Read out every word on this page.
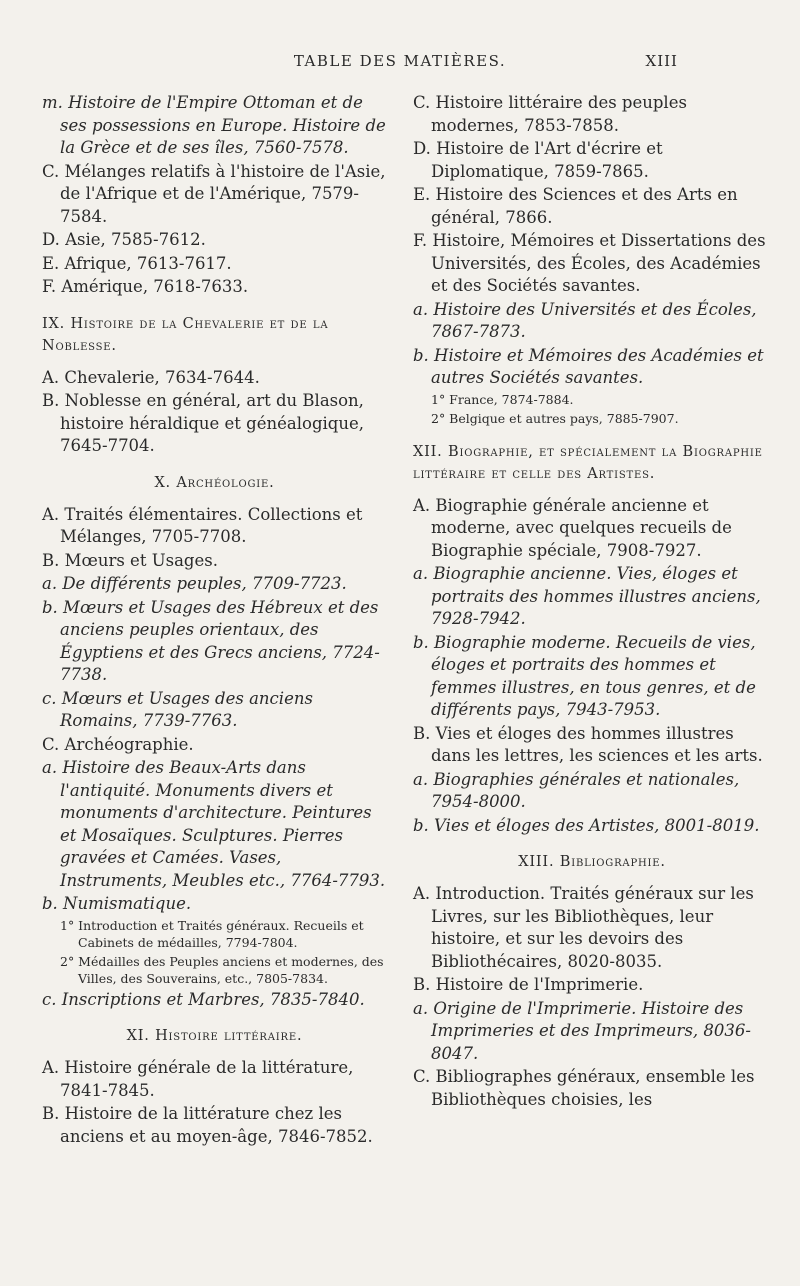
TABLE DES MATIÈRES.	XIII
m. Histoire de l'Empire Ottoman et de ses possessions en Europe. Histoire de la Grèce et de ses îles, 7560-7578.
C. Mélanges relatifs à l'histoire de l'Asie, de l'Afrique et de l'Amérique, 7579-7584.
D. Asie, 7585-7612.
E. Afrique, 7613-7617.
F. Amérique, 7618-7633.
IX. Histoire de la Chevalerie et de la Noblesse.
A. Chevalerie, 7634-7644.
B. Noblesse en général, art du Blason, histoire héraldique et généalogique, 7645-7704.
X. Archéologie.
A. Traités élémentaires. Collections et Mélanges, 7705-7708.
B. Mœurs et Usages.
a. De différents peuples, 7709-7723.
b. Mœurs et Usages des Hébreux et des anciens peuples orientaux, des Égyptiens et des Grecs anciens, 7724-7738.
c. Mœurs et Usages des anciens Romains, 7739-7763.
C. Archéographie.
a. Histoire des Beaux-Arts dans l'antiquité. Monuments divers et monuments d'architecture. Peintures et Mosaïques. Sculptures. Pierres gravées et Camées. Vases, Instruments, Meubles etc., 7764-7793.
b. Numismatique.
1° Introduction et Traités généraux. Recueils et Cabinets de médailles, 7794-7804.
2° Médailles des Peuples anciens et modernes, des Villes, des Souverains, etc., 7805-7834.
c. Inscriptions et Marbres, 7835-7840.
XI. Histoire littéraire.
A. Histoire générale de la littérature, 7841-7845.
B. Histoire de la littérature chez les anciens et au moyen-âge, 7846-7852.
C. Histoire littéraire des peuples modernes, 7853-7858.
D. Histoire de l'Art d'écrire et Diplomatique, 7859-7865.
E. Histoire des Sciences et des Arts en général, 7866.
F. Histoire, Mémoires et Dissertations des Universités, des Écoles, des Académies et des Sociétés savantes.
a. Histoire des Universités et des Écoles, 7867-7873.
b. Histoire et Mémoires des Académies et autres Sociétés savantes.
1° France, 7874-7884.
2° Belgique et autres pays, 7885-7907.
XII. Biographie, et spécialement la Biographie littéraire et celle des Artistes.
A. Biographie générale ancienne et moderne, avec quelques recueils de Biographie spéciale, 7908-7927.
a. Biographie ancienne. Vies, éloges et portraits des hommes illustres anciens, 7928-7942.
b. Biographie moderne. Recueils de vies, éloges et portraits des hommes et femmes illustres, en tous genres, et de différents pays, 7943-7953.
B. Vies et éloges des hommes illustres dans les lettres, les sciences et les arts.
a. Biographies générales et nationales, 7954-8000.
b. Vies et éloges des Artistes, 8001-8019.
XIII. Bibliographie.
A. Introduction. Traités généraux sur les Livres, sur les Bibliothèques, leur histoire, et sur les devoirs des Bibliothécaires, 8020-8035.
B. Histoire de l'Imprimerie.
a. Origine de l'Imprimerie. Histoire des Imprimeries et des Imprimeurs, 8036-8047.
C. Bibliographes généraux, ensemble les Bibliothèques choisies, les
